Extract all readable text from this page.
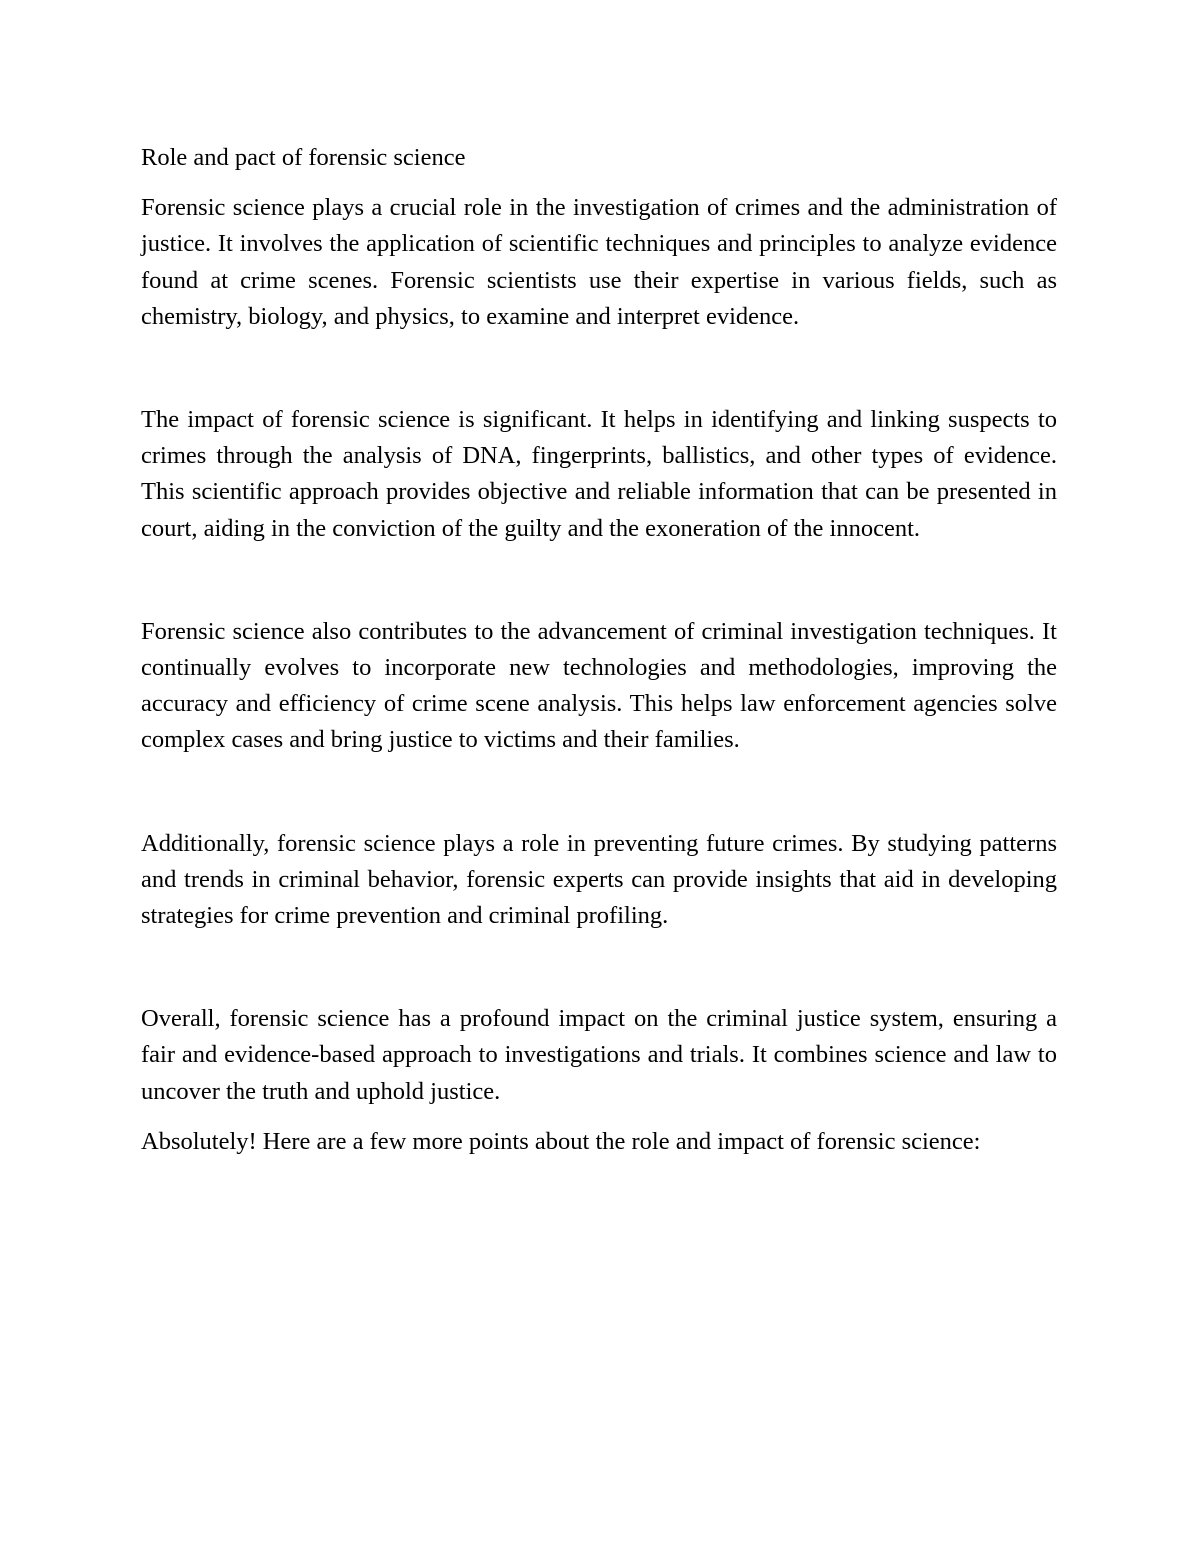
Role and pact of forensic science

Forensic science plays a crucial role in the investigation of crimes and the administration of justice. It involves the application of scientific techniques and principles to analyze evidence found at crime scenes. Forensic scientists use their expertise in various fields, such as chemistry, biology, and physics, to examine and interpret evidence.

The impact of forensic science is significant. It helps in identifying and linking suspects to crimes through the analysis of DNA, fingerprints, ballistics, and other types of evidence. This scientific approach provides objective and reliable information that can be presented in court, aiding in the conviction of the guilty and the exoneration of the innocent.

Forensic science also contributes to the advancement of criminal investigation techniques. It continually evolves to incorporate new technologies and methodologies, improving the accuracy and efficiency of crime scene analysis. This helps law enforcement agencies solve complex cases and bring justice to victims and their families.

Additionally, forensic science plays a role in preventing future crimes. By studying patterns and trends in criminal behavior, forensic experts can provide insights that aid in developing strategies for crime prevention and criminal profiling.

Overall, forensic science has a profound impact on the criminal justice system, ensuring a fair and evidence-based approach to investigations and trials. It combines science and law to uncover the truth and uphold justice.

Absolutely! Here are a few more points about the role and impact of forensic science:
